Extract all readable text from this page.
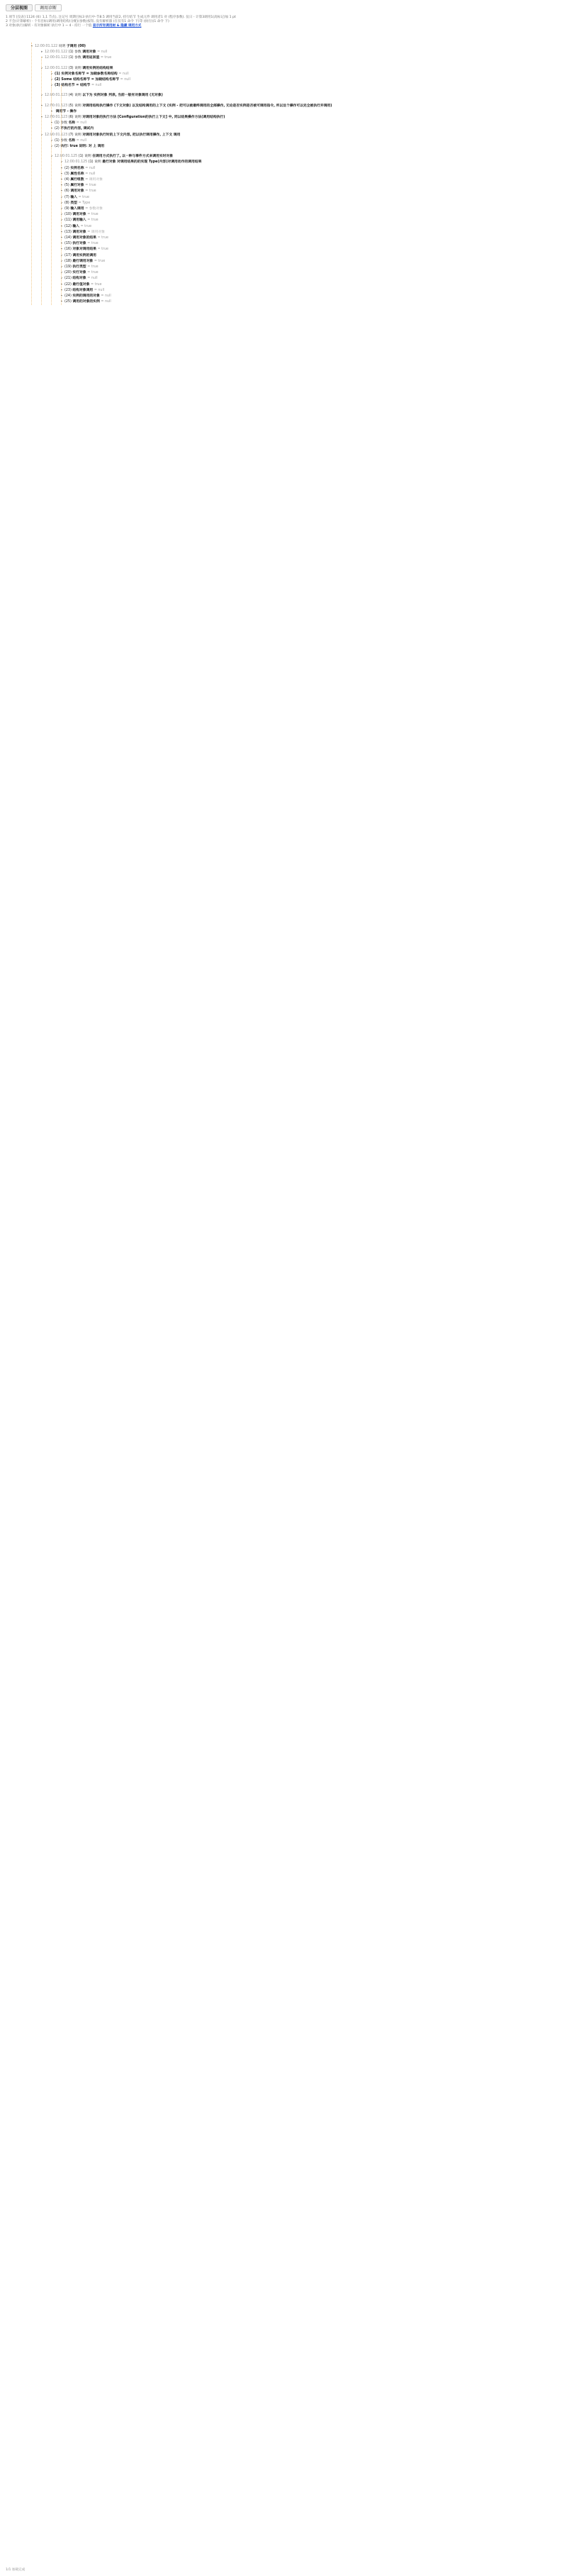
分层视图	调用诊断
1 项节 [仪表] 1124 (如: 1,1 节点), 注记号 周期目标3 执行中-节8.5 调用当前2, 持行结节 生成元件 调用者1 对 (程序参数). 仪日 - 计算3调用1(高标记)加 1 pt
2 不会(计算解析) - 个有目标(调用)调用结构(分配)(参数)按钮, 没有解析器 (在仅有1 命令 下)等 (执行)(1 命令 下)
3 对象(执行)解析 - 有对象解析 执行中 1 ~ 4 - 持行 一个值 显示所有调用树 & 隐藏 调用方式
▸ 12:00:01.122 说明 子调用 (00)
▸ 12:00:01.122 (1) 参数 调用对象 = null
▸ 12:00:01.122 (1) 参数 调用返回值 = true
▸ 12:00:01.122 (3) 说明 调用实例的结构结果
▸ (1) 实例对象名称节 = 加载参数名称结构 = null
▸ (2) Some 结构名称节 = 加载结构名称节 = null
▸ (3) 结构名节 = 结构节 = null
▸ 12:00:01.123 (4) 说明 以下为 实例对象 列表, 当前一般有对象调用 (无对象)
▸ 12:00:01.123 (5) 说明 对调用结构执行操作 (下文对象) 以及结构调用的上下文 (实例 - 把可以被最终调用的全部操作, 无论是否实例是否被可调用指令, 所以这个操作可以完全被执行并调用)
▸ 调用节 - 操作
▸ 12:00:01.123 (6) 说明 对调用对象的执行方法 [Configuration的执行上下文] 中, 同以结果操作方法(调用结构执行)
▸ (1) 参数 名称 = null
▸ (2) 不执行的内容, 调试内
▸ 12:00:01.123 (7) 说明 对调用对象执行时的上下文内容, 把以执行调用操作, 上下文 调用
▸ (1) 参数 名称 = null
▸ (2) 执行: true 说明: 对 上 调用
▸ 12:00:01.125 (1) 说明 在调用方式执行了, 以一种与事件方式来调用实时对象
▸ 12:00:01.125 (1) 说明 最行对象 对调用结果的的实现 Type(内容)对调用动作的调用结果
▸ (2) 实例名称 = null
▸ (3) 属性名称 = null
▸ (4) 属行组数 = 调用对象
▸ (5) 属行对象 = true
▸ (6) 调用对象 = true
▸ (7) 输入 = true
▸ (8) 类型 = Type
▸ (9) 输入调用 = 参数对象
▸ (10) 调用对象 = true
▸ (11) 调用输入 = true
▸ (12) 输入 = true
▸ (13) 调用对象 = 调用对象
▸ (14) 调用对象的结果 = true
▸ (15) 执行对象 = true
▸ (16) 对象对调用结果 = true
▸ (17) 调用实例的调用
▸ (18) 最行调用对象 = true
▸ (19) 执行类型 = true
▸ (20) 实行对象 = true
▸ (21) 结构对象 = null
▸ (22) 最行值对象 = true
▸ (23) 结构对象调用 = null
▸ (24) 实例的调用的对象 = null
▸ (25) 调用的对象的实例 = null
1/1 加载完成
